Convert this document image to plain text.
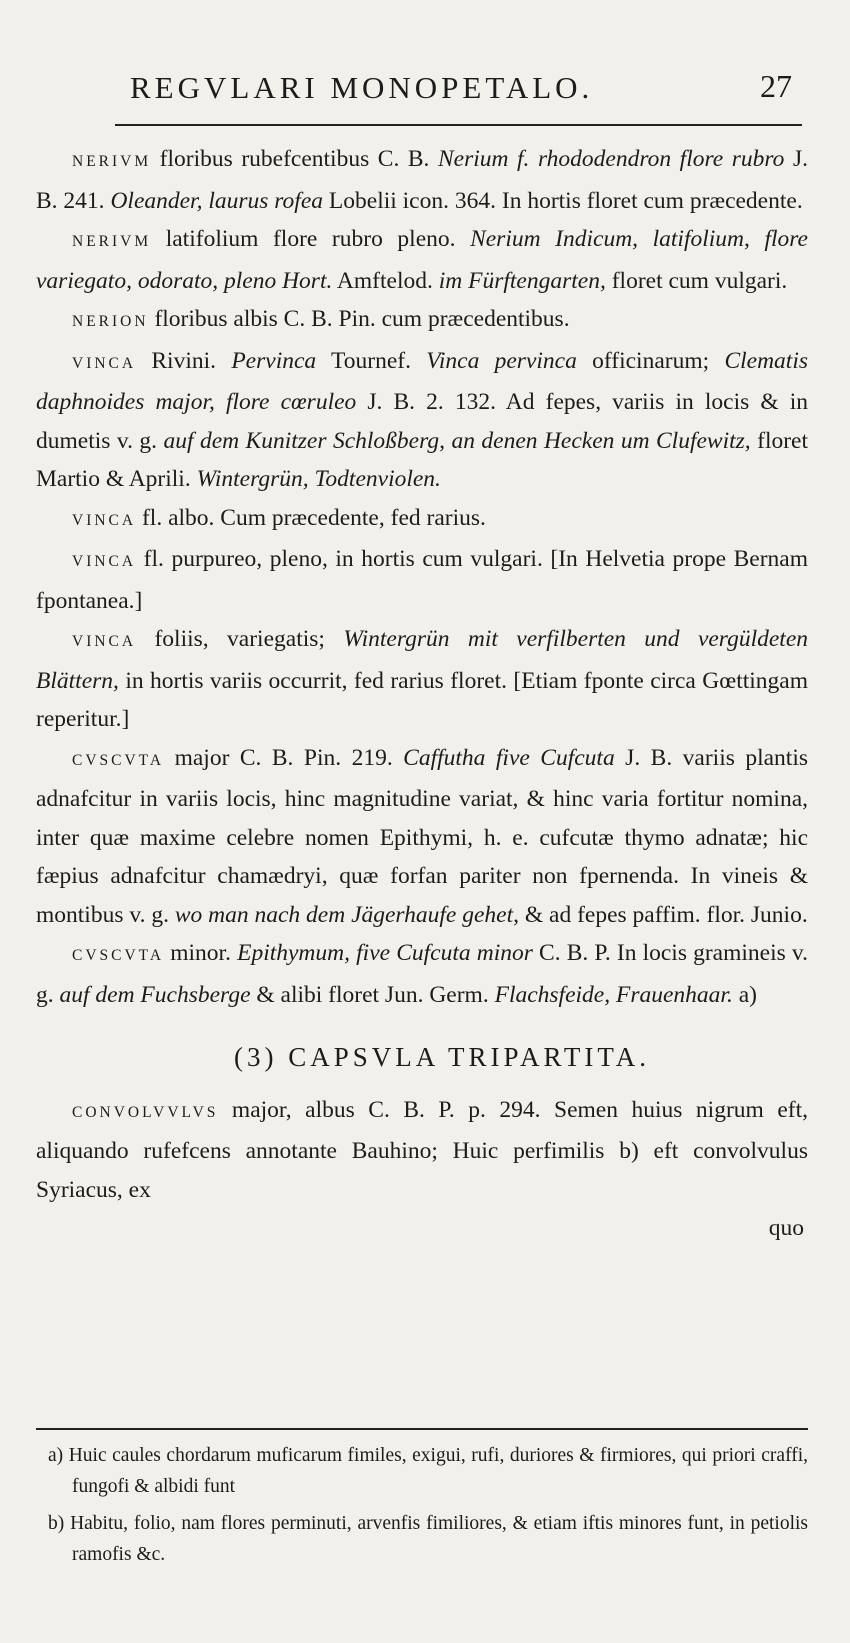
REGVLARI MONOPETALO.	27

NERIVM floribus rubefcentibus C. B. Nerium f. rhododendron flore rubro J. B. 241. Oleander, laurus rofea Lobelii icon. 364. In hortis floret cum præcedente.

NERIVM latifolium flore rubro pleno. Nerium Indicum, latifolium, flore variegato, odorato, pleno Hort. Amftelod. im Fürftengarten, floret cum vulgari.

NERION floribus albis C. B. Pin. cum præcedentibus.

VINCA Rivini. Pervinca Tournef. Vinca pervinca officinarum; Clematis daphnoides major, flore cœruleo J. B. 2. 132. Ad fepes, variis in locis & in dumetis v. g. auf dem Kunitzer Schloßberg, an denen Hecken um Clufewitz, floret Martio & Aprili. Wintergrün, Todtenviolen.

VINCA fl. albo. Cum præcedente, fed rarius.

VINCA fl. purpureo, pleno, in hortis cum vulgari. [In Helvetia prope Bernam fpontanea.]

VINCA foliis, variegatis; Wintergrün mit verfilberten und vergüldeten Blättern, in hortis variis occurrit, fed rarius floret. [Etiam fponte circa Gœttingam reperitur.]

CVSCVTA major C. B. Pin. 219. Caffutha five Cufcuta J. B. variis plantis adnafcitur in variis locis, hinc magnitudine variat, & hinc varia fortitur nomina, inter quæ maxime celebre nomen Epithymi, h. e. cufcutæ thymo adnatæ; hic fæpius adnafcitur chamædryi, quæ forfan pariter non fpernenda. In vineis & montibus v. g. wo man nach dem Jägerhaufe gehet, & ad fepes paffim. flor. Junio.

CVSCVTA minor. Epithymum, five Cufcuta minor C. B. P. In locis gramineis v. g. auf dem Fuchsberge & alibi floret Jun. Germ. Flachsfeide, Frauenhaar. a)

(3) CAPSVLA TRIPARTITA.

CONVOLVVLVS major, albus C. B. P. p. 294. Semen huius nigrum eft, aliquando rufefcens annotante Bauhino; Huic perfimilis b) eft convolvulus Syriacus, ex

quo

a) Huic caules chordarum muficarum fimiles, exigui, rufi, duriores & firmiores, qui priori craffi, fungofi & albidi funt

b) Habitu, folio, nam flores perminuti, arvenfis fimiliores, & etiam iftis minores funt, in petiolis ramofis &c.
